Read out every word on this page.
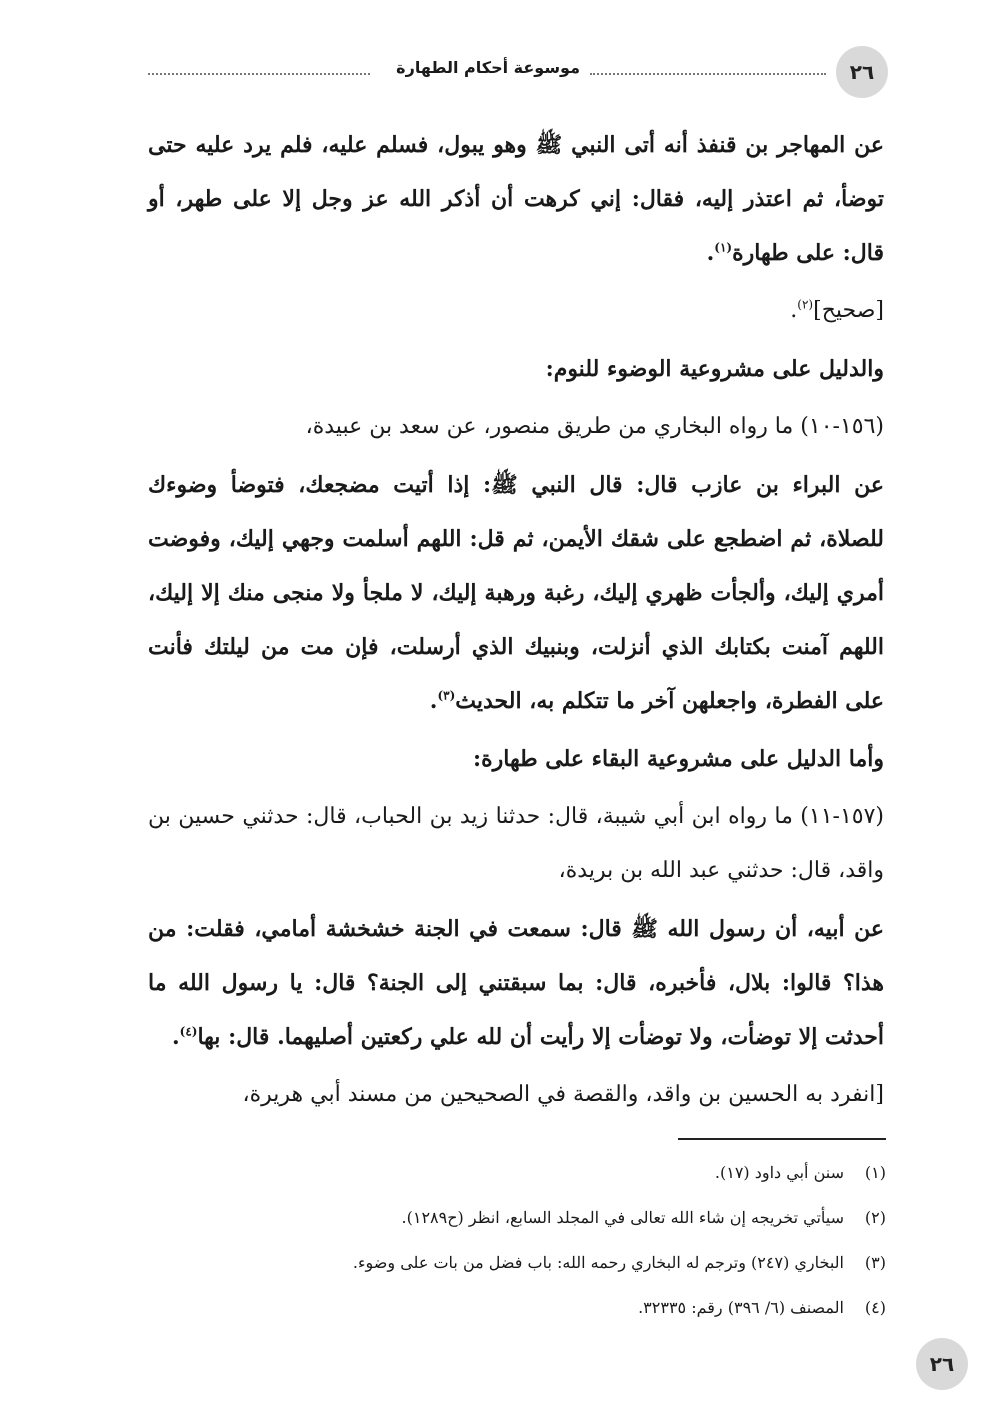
٢٦
موسوعة أحكام الطهارة

عن المهاجر بن قنفذ أنه أتى النبي ﷺ وهو يبول، فسلم عليه، فلم يرد عليه حتى توضأ، ثم اعتذر إليه، فقال: إني كرهت أن أذكر الله عز وجل إلا على طهر، أو قال: على طهارة$^{(١)}$.

[صحيح]$^{(٢)}$.

والدليل على مشروعية الوضوء للنوم:

(١٥٦-١٠) ما رواه البخاري من طريق منصور، عن سعد بن عبيدة،

عن البراء بن عازب قال: قال النبي ﷺ: إذا أتيت مضجعك، فتوضأ وضوءك للصلاة، ثم اضطجع على شقك الأيمن، ثم قل: اللهم أسلمت وجهي إليك، وفوضت أمري إليك، وألجأت ظهري إليك، رغبة ورهبة إليك، لا ملجأ ولا منجى منك إلا إليك، اللهم آمنت بكتابك الذي أنزلت، وبنبيك الذي أرسلت، فإن مت من ليلتك فأنت على الفطرة، واجعلهن آخر ما تتكلم به، الحديث$^{(٣)}$.

وأما الدليل على مشروعية البقاء على طهارة:

(١٥٧-١١) ما رواه ابن أبي شيبة، قال: حدثنا زيد بن الحباب، قال: حدثني حسين بن واقد، قال: حدثني عبد الله بن بريدة،

عن أبيه، أن رسول الله ﷺ قال: سمعت في الجنة خشخشة أمامي، فقلت: من هذا؟ قالوا: بلال، فأخبره، قال: بما سبقتني إلى الجنة؟ قال: يا رسول الله ما أحدثت إلا توضأت، ولا توضأت إلا رأيت أن لله علي ركعتين أصليهما. قال: بها$^{(٤)}$.

[انفرد به الحسين بن واقد، والقصة في الصحيحين من مسند أبي هريرة،

(١)
سنن أبي داود (١٧).
(٢)
سيأتي تخريجه إن شاء الله تعالى في المجلد السابع، انظر (ح١٢٨٩).
(٣)
البخاري (٢٤٧) وترجم له البخاري رحمه الله: باب فضل من بات على وضوء.
(٤)
المصنف (٦/ ٣٩٦) رقم: ٣٢٣٣٥.
٢٦
